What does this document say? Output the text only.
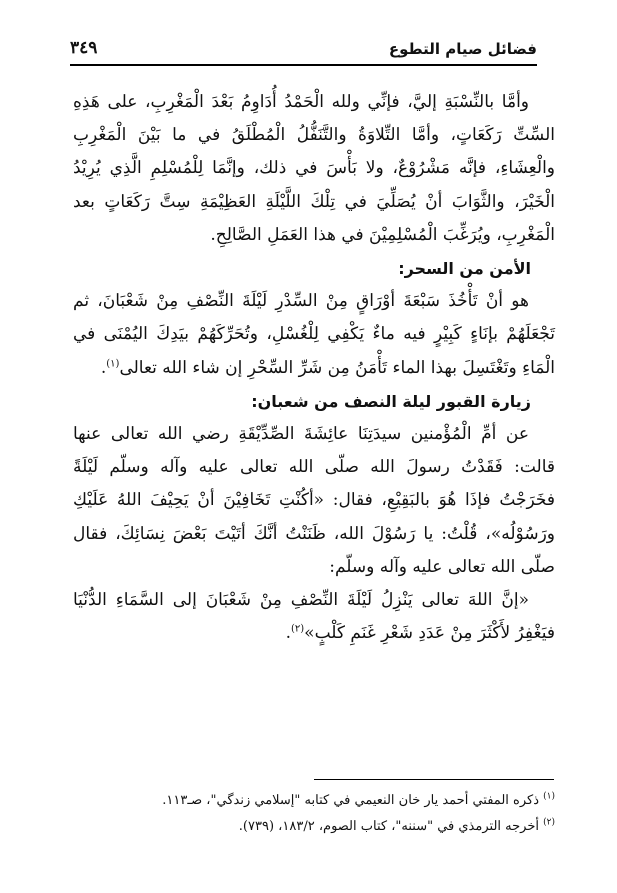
فضائل صيام التطوع
٣٤٩

وأمَّا بالنِّسْبَةِ إليَّ، فإنِّي ولله الْحَمْدُ أُدَاوِمُ بَعْدَ الْمَغْرِبِ، على هَذِهِ السِّتِّ رَكَعَاتٍ، وأمَّا التِّلاوَةُ والتَّنَفُّلُ الْمُطْلَقُ في ما بَيْنَ الْمَغْرِبِ والْعِشَاءِ، فإنَّه مَشْرُوْعٌ، ولا بَأْسَ في ذلك، وإنَّمَا لِلْمُسْلِمِ الَّذِي يُرِيْدُ الْخَيْرَ، والثَّوَابَ أنْ يُصَلِّيَ في تِلْكَ اللَّيْلَةِ العَظِيْمَةِ سِتَّ رَكَعَاتٍ بعد الْمَغْرِبِ، ويُرَغِّبَ الْمُسْلِمِيْنَ في هذا العَمَلِ الصَّالِحِ.

الأمن من السحر:

هو أنْ تَأْخُذَ سَبْعَةَ أوْرَاقٍ مِنْ السِّدْرِ لَيْلَةَ النِّصْفِ مِنْ شَعْبَانَ، ثم تَجْعَلَهُمْ بإنَاءٍ كَبِيْرٍ فيه ماءٌ يَكْفِي لِلْغُسْلِ، وتُحَرِّكَهُمْ بيَدِكَ اليُمْنَى في الْمَاءِ وتَغْتَسِلَ بهذا الماء تَأْمَنُ مِن شَرِّ السِّحْرِ إن شاء الله تعالى$^{(١)}$.

زيارة القبور ليلة النصف من شعبان:

عن أمِّ الْمُؤْمنين سيدَتِنَا عائِشَةَ الصِّدِّيْقَةِ رضي الله تعالى عنها قالت: فَقَدْتُ رسولَ الله صلّى الله تعالى عليه وآله وسلّم لَيْلَةً فخَرَجْتُ فإذَا هُوَ بالبَقِيْعِ، فقال: «أكُنْتِ تَخَافِيْنَ أنْ يَحِيْفَ اللهُ عَلَيْكِ ورَسُوْلُه»، قُلْتُ: يا رَسُوْلَ الله، ظَنَنْتُ أنَّكَ أتَيْتَ بَعْضَ نِسَائِكَ، فقال صلّى الله تعالى عليه وآله وسلّم:

«إنَّ اللهَ تعالى يَنْزِلُ لَيْلَةَ النِّصْفِ مِنْ شَعْبَانَ إلى السَّمَاءِ الدُّنْيَا فيَغْفِرُ لأَكْثَرَ مِنْ عَدَدِ شَعْرِ غَنَمِ كَلْبٍ»$^{(٢)}$.

$^{(١)}$ ذكره المفتي أحمد يار خان النعيمي في كتابه "إسلامي زندگي"، صـ١١٣.

$^{(٢)}$ أخرجه الترمذي في "سننه"، كتاب الصوم، ١٨٣/٢، (٧٣٩).
